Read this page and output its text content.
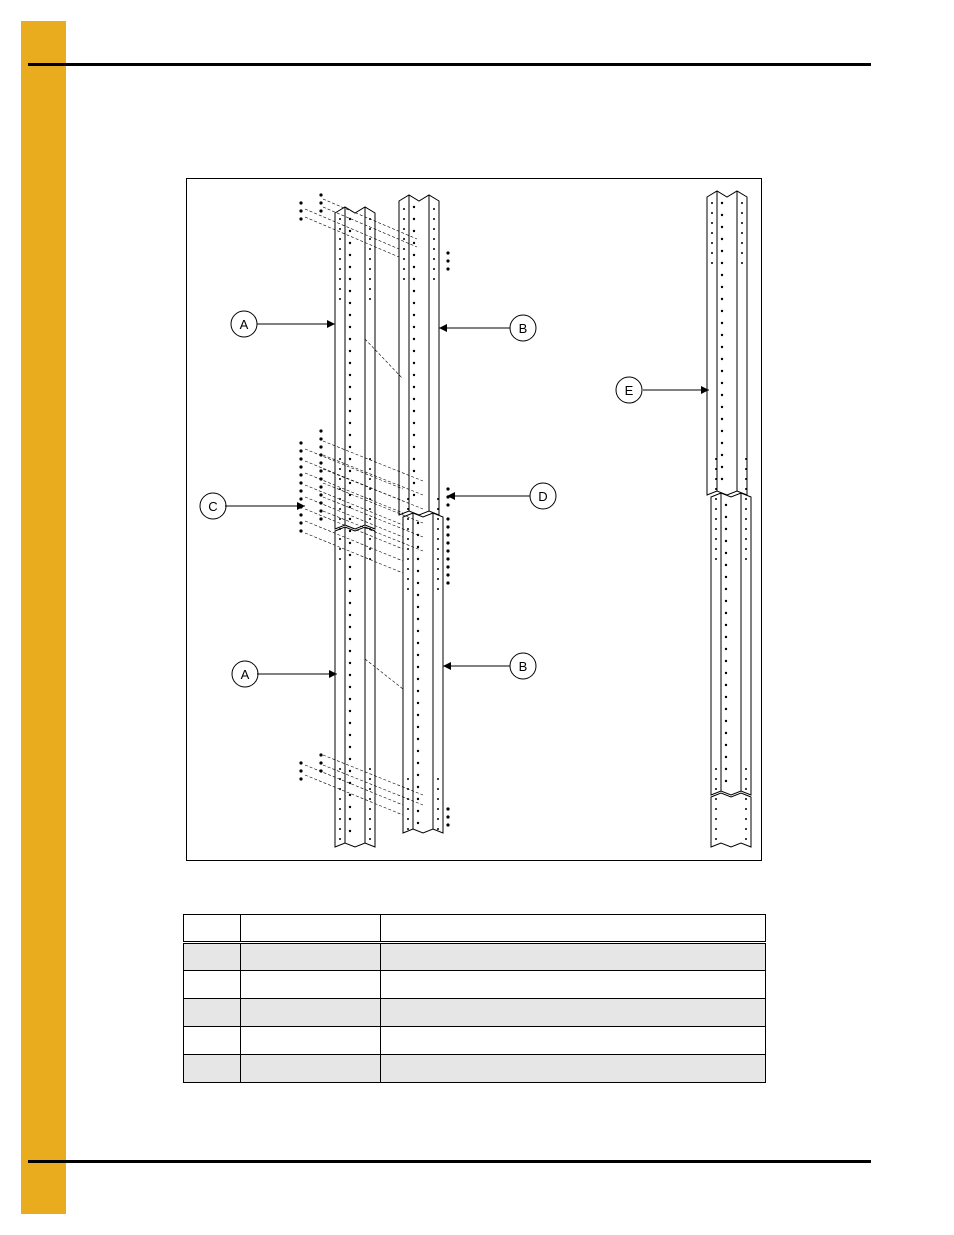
A	B
C
D
A
B
E
